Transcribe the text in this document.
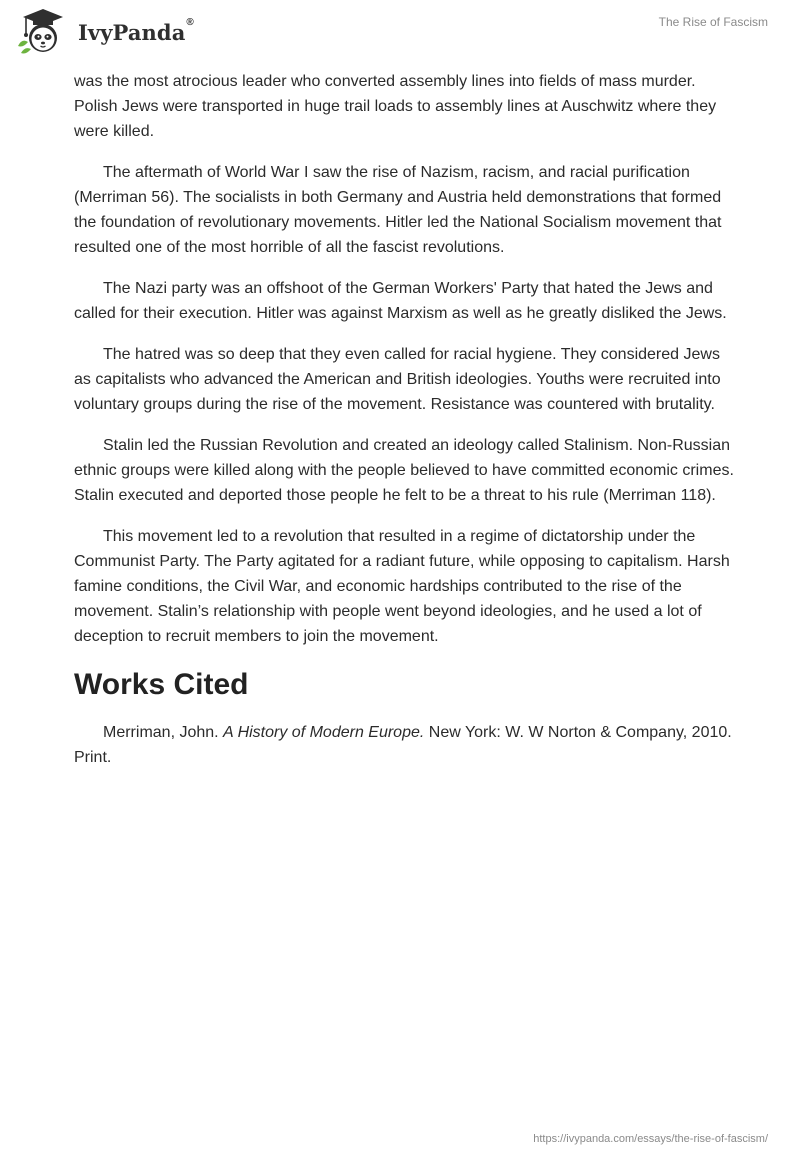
IvyPanda®	The Rise of Fascism

was the most atrocious leader who converted assembly lines into fields of mass murder. Polish Jews were transported in huge trail loads to assembly lines at Auschwitz where they were killed.

The aftermath of World War I saw the rise of Nazism, racism, and racial purification (Merriman 56). The socialists in both Germany and Austria held demonstrations that formed the foundation of revolutionary movements. Hitler led the National Socialism movement that resulted one of the most horrible of all the fascist revolutions.

The Nazi party was an offshoot of the German Workers' Party that hated the Jews and called for their execution. Hitler was against Marxism as well as he greatly disliked the Jews.

The hatred was so deep that they even called for racial hygiene. They considered Jews as capitalists who advanced the American and British ideologies. Youths were recruited into voluntary groups during the rise of the movement. Resistance was countered with brutality.

Stalin led the Russian Revolution and created an ideology called Stalinism. Non-Russian ethnic groups were killed along with the people believed to have committed economic crimes. Stalin executed and deported those people he felt to be a threat to his rule (Merriman 118).

This movement led to a revolution that resulted in a regime of dictatorship under the Communist Party. The Party agitated for a radiant future, while opposing to capitalism. Harsh famine conditions, the Civil War, and economic hardships contributed to the rise of the movement. Stalin’s relationship with people went beyond ideologies, and he used a lot of deception to recruit members to join the movement.

Works Cited

Merriman, John. A History of Modern Europe. New York: W. W Norton & Company, 2010. Print.

https://ivypanda.com/essays/the-rise-of-fascism/
